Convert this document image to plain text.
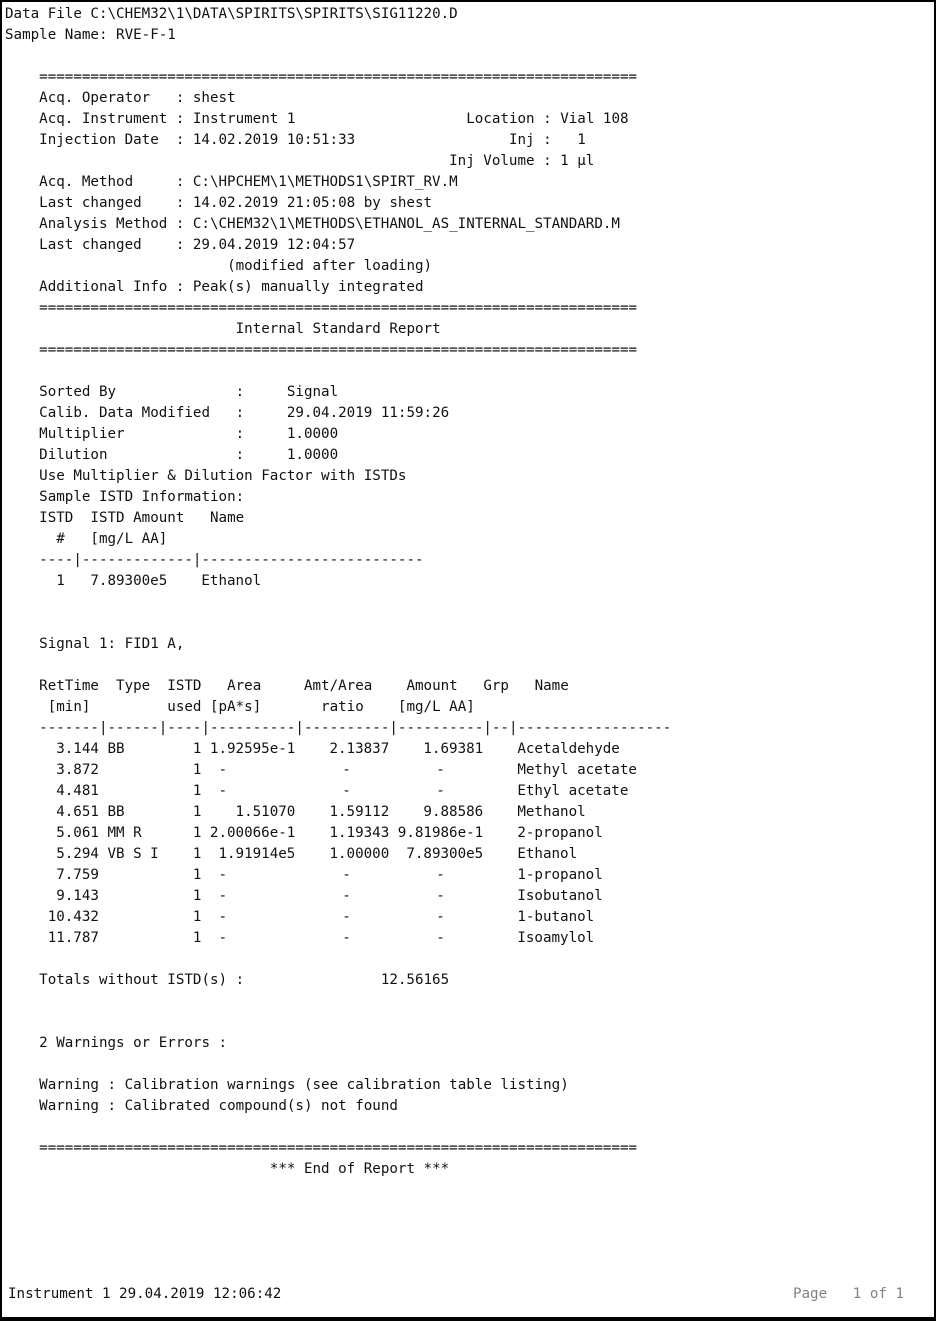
Data File C:\CHEM32\1\DATA\SPIRITS\SPIRITS\SIG11220.D
Sample Name: RVE-F-1

======================================================================
Acq. Operator : shest
Acq. Instrument : Instrument 1	Location : Vial 108
Injection Date : 14.02.2019 10:51:33	Inj :   1
Inj Volume : 1 µl
Acq. Method	: C:\HPCHEM\1\METHODS1\SPIRT_RV.M
Last changed : 14.02.2019 21:05:08 by shest
Analysis Method : C:\CHEM32\1\METHODS\ETHANOL_AS_INTERNAL_STANDARD.M
Last changed : 29.04.2019 12:04:57
(modified after loading)
Additional Info : Peak(s) manually integrated
======================================================================
Internal Standard Report
======================================================================

Sorted By	:	Signal
Calib. Data Modified :	29.04.2019 11:59:26
Multiplier	:	1.0000
Dilution	:	1.0000
Use Multiplier & Dilution Factor with ISTDs
Sample ISTD Information:
ISTD  ISTD Amount   Name
#   [mg/L AA]
----|-------------|--------------------------
1 7.89300e5 Ethanol

Signal 1: FID1 A,

RetTime  Type  ISTD   Area     Amt/Area    Amount   Grp   Name
[min]         used [pA*s]       ratio    [mg/L AA]
-------|------|----|----------|----------|----------|--|------------------
3.144 BB	1 1.92595e-1 2.13837 1.69381 Acetaldehyde
3.872	1 -	-	-	Methyl acetate
4.481	1 -	-	-	Ethyl acetate
4.651 BB	1 1.51070 1.59112 9.88586 Methanol
5.061 MM R	1 2.00066e-1 1.19343 9.81986e-1 2-propanol
5.294 VB S I 1 1.91914e5 1.00000 7.89300e5 Ethanol
7.759	1 -	-	-	1-propanol
9.143	1 -	-	-	Isobutanol
10.432	1 -	-	-	1-butanol
11.787	1 -	-	-	Isoamylol

Totals without ISTD(s) :	12.56165

2 Warnings or Errors :

Warning : Calibration warnings (see calibration table listing)
Warning : Calibrated compound(s) not found

======================================================================
*** End of Report ***
Instrument 1 29.04.2019 12:06:42	Page   1 of 1
